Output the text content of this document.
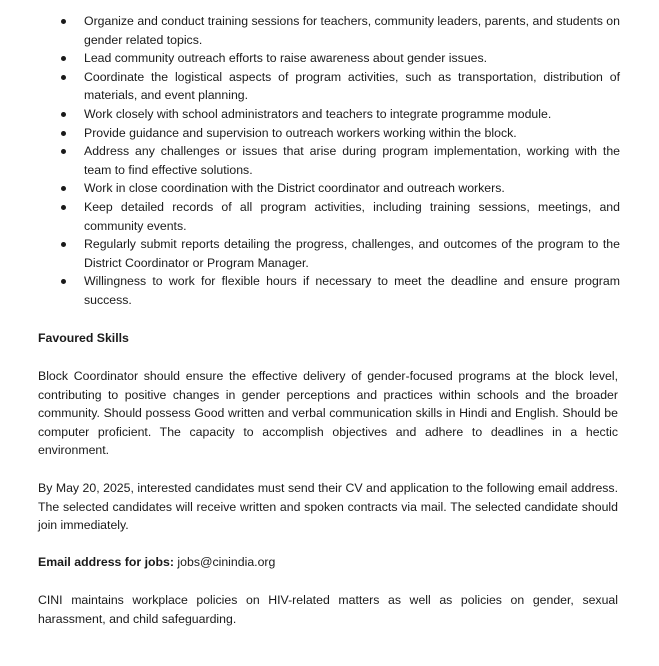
Organize and conduct training sessions for teachers, community leaders, parents, and students on gender related topics.
Lead community outreach efforts to raise awareness about gender issues.
Coordinate the logistical aspects of program activities, such as transportation, distribution of materials, and event planning.
Work closely with school administrators and teachers to integrate programme module.
Provide guidance and supervision to outreach workers working within the block.
Address any challenges or issues that arise during program implementation, working with the team to find effective solutions.
Work in close coordination with the District coordinator and outreach workers.
Keep detailed records of all program activities, including training sessions, meetings, and community events.
Regularly submit reports detailing the progress, challenges, and outcomes of the program to the District Coordinator or Program Manager.
Willingness to work for flexible hours if necessary to meet the deadline and ensure program success.
Favoured Skills

Block Coordinator should ensure the effective delivery of gender-focused programs at the block level, contributing to positive changes in gender perceptions and practices within schools and the broader community. Should possess Good written and verbal communication skills in Hindi and English. Should be computer proficient. The capacity to accomplish objectives and adhere to deadlines in a hectic environment.

By May 20, 2025, interested candidates must send their CV and application to the following email address. The selected candidates will receive written and spoken contracts via mail. The selected candidate should join immediately.

Email address for jobs: jobs@cinindia.org

CINI maintains workplace policies on HIV-related matters as well as policies on gender, sexual harassment, and child safeguarding.
